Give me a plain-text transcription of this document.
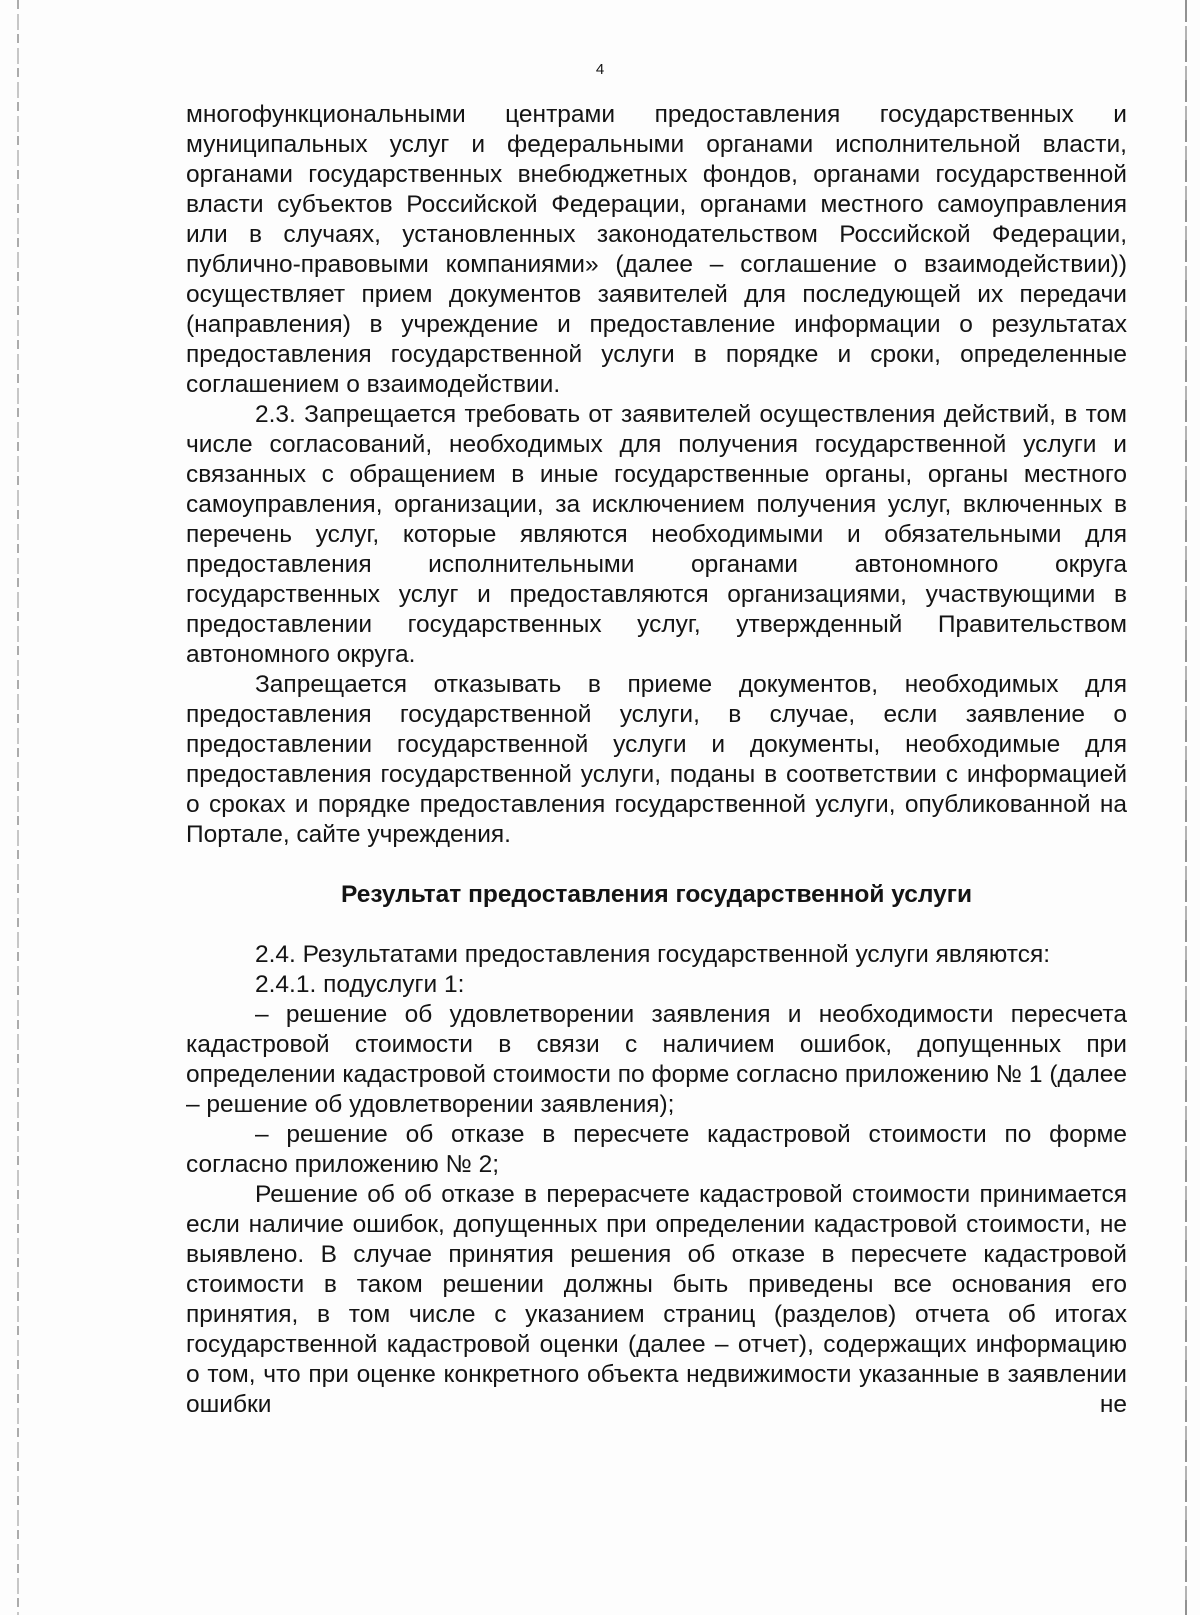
4

многофункциональными центрами предоставления государственных и муниципальных услуг и федеральными органами исполнительной власти, органами государственных внебюджетных фондов, органами государственной власти субъектов Российской Федерации, органами местного самоуправления или в случаях, установленных законодательством Российской Федерации, публично-правовыми компаниями» (далее – соглашение о взаимодействии)) осуществляет прием документов заявителей для последующей их передачи (направления) в учреждение и предоставление информации о результатах предоставления государственной услуги в порядке и сроки, определенные соглашением о взаимодействии.

2.3. Запрещается требовать от заявителей осуществления действий, в том числе согласований, необходимых для получения государственной услуги и связанных с обращением в иные государственные органы, органы местного самоуправления, организации, за исключением получения услуг, включенных в перечень услуг, которые являются необходимыми и обязательными для предоставления исполнительными органами автономного округа государственных услуг и предоставляются организациями, участвующими в предоставлении государственных услуг, утвержденный Правительством автономного округа.

Запрещается отказывать в приеме документов, необходимых для предоставления государственной услуги, в случае, если заявление о предоставлении государственной услуги и документы, необходимые для предоставления государственной услуги, поданы в соответствии с информацией о сроках и порядке предоставления государственной услуги, опубликованной на Портале, сайте учреждения.

Результат предоставления государственной услуги

2.4. Результатами предоставления государственной услуги являются:

2.4.1. подуслуги 1:

– решение об удовлетворении заявления и необходимости пересчета кадастровой стоимости в связи с наличием ошибок, допущенных при определении кадастровой стоимости по форме согласно приложению № 1 (далее – решение об удовлетворении заявления);

– решение об отказе в пересчете кадастровой стоимости по форме согласно приложению № 2;

Решение об об отказе в перерасчете кадастровой стоимости принимается если наличие ошибок, допущенных при определении кадастровой стоимости, не выявлено. В случае принятия решения об отказе в пересчете кадастровой стоимости в таком решении должны быть приведены все основания его принятия, в том числе с указанием страниц (разделов) отчета об итогах государственной кадастровой оценки (далее – отчет), содержащих информацию о том, что при оценке конкретного объекта недвижимости указанные в заявлении ошибки не
